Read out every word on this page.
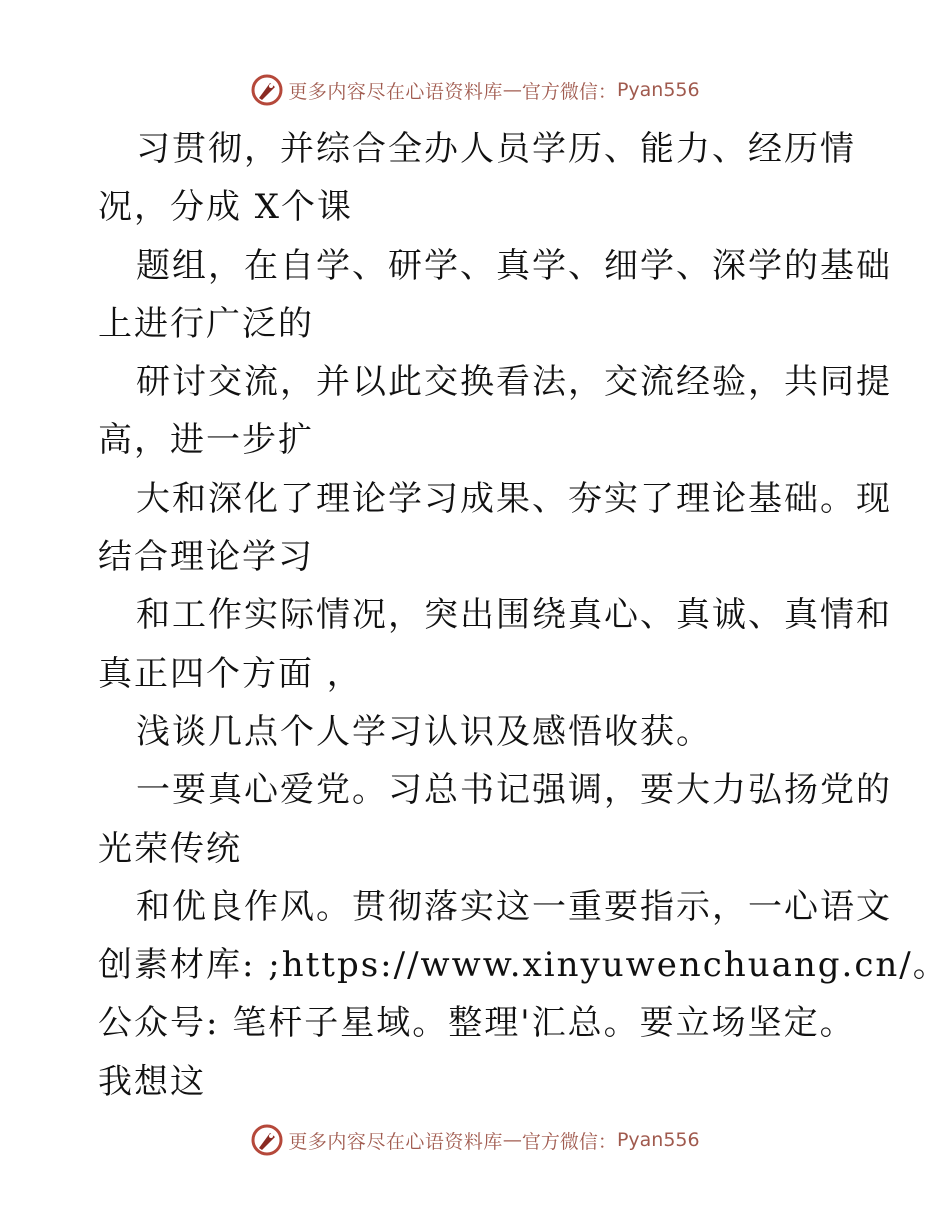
更多内容尽在心语资料库 — 官方微信： Pyan556
习贯彻，并综合全办人员学历、能力、经历情
况，分成 X个课
题组，在自学、研学、真学、细学、深学的基础
上进行广泛的
研讨交流，并以此交换看法，交流经验，共同提
高，进一步扩
大和深化了理论学习成果、夯实了理论基础。现
结合理论学习
和工作实际情况，突出围绕真心、真诚、真情和
真正四个方面 ，
浅谈几点个人学习认识及感悟收获。
一要真心爱党。习总书记强调，要大力弘扬党的
光荣传统
和优良作风。贯彻落实这一重要指示，一心语文
创素材库: ;https://www.xinyuwenchuang.cn/。
公众号: 笔杆子星域。整理'汇总。要立场坚定。
我想这
更多内容尽在心语资料库 — 官方微信： Pyan556
